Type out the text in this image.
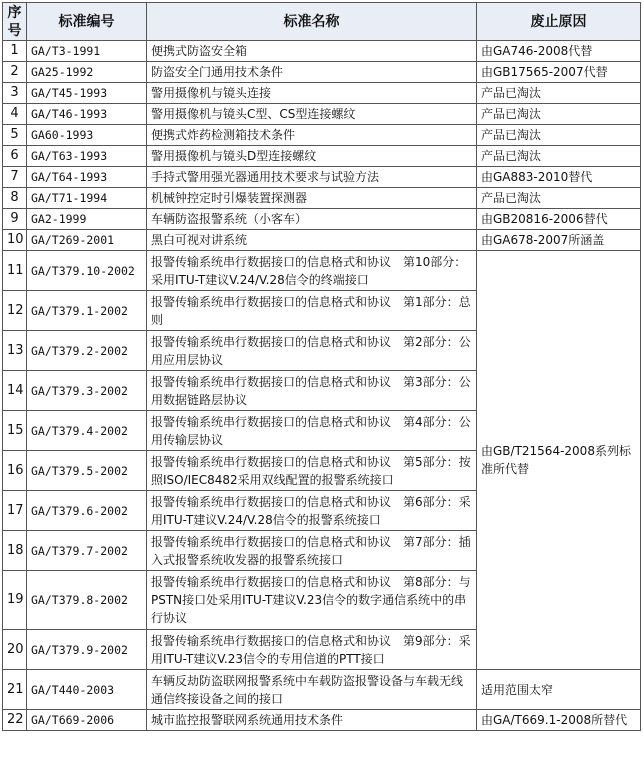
序号	标准编号	标准名称	废止原因
1	GA/T3-1991	便携式防盗安全箱	由GA746-2008代替
2	GA25-1992	防盗安全门通用技术条件	由GB17565-2007代替
3	GA/T45-1993	警用摄像机与镜头连接	产品已淘汰
4	GA/T46-1993	警用摄像机与镜头C型、CS型连接螺纹	产品已淘汰
5	GA60-1993	便携式炸药检测箱技术条件	产品已淘汰
6	GA/T63-1993	警用摄像机与镜头D型连接螺纹	产品已淘汰
7	GA/T64-1993	手持式警用强光器通用技术要求与试验方法	由GA883-2010替代
8	GA/T71-1994	机械钟控定时引爆装置探测器	产品已淘汰
9	GA2-1999	车辆防盗报警系统（小客车）	由GB20816-2006替代
10	GA/T269-2001	黑白可视对讲系统	由GA678-2007所涵盖
11	GA/T379.10-2002	报警传输系统串行数据接口的信息格式和协议　第10部分：采用ITU-T建议V.24/V.28信令的终端接口	由GB/T21564-2008系列标准所代替
12	GA/T379.1-2002	报警传输系统串行数据接口的信息格式和协议　第1部分：总则	
13	GA/T379.2-2002	报警传输系统串行数据接口的信息格式和协议　第2部分：公用应用层协议	
14	GA/T379.3-2002	报警传输系统串行数据接口的信息格式和协议　第3部分：公用数据链路层协议	
15	GA/T379.4-2002	报警传输系统串行数据接口的信息格式和协议　第4部分：公用传输层协议	
16	GA/T379.5-2002	报警传输系统串行数据接口的信息格式和协议　第5部分：按照ISO/IEC8482采用双线配置的报警系统接口	
17	GA/T379.6-2002	报警传输系统串行数据接口的信息格式和协议　第6部分：采用ITU-T建议V.24/V.28信令的报警系统接口	
18	GA/T379.7-2002	报警传输系统串行数据接口的信息格式和协议　第7部分：插入式报警系统收发器的报警系统接口	
19	GA/T379.8-2002	报警传输系统串行数据接口的信息格式和协议　第8部分：与PSTN接口处采用ITU-T建议V.23信令的数字通信系统中的串行协议	
20	GA/T379.9-2002	报警传输系统串行数据接口的信息格式和协议　第9部分：采用ITU-T建议V.23信令的专用信道的PTT接口	
21	GA/T440-2003	车辆反劫防盗联网报警系统中车载防盗报警设备与车载无线通信终接设备之间的接口	适用范围太窄
22	GA/T669-2006	城市监控报警联网系统通用技术条件	由GA/T669.1-2008所替代
